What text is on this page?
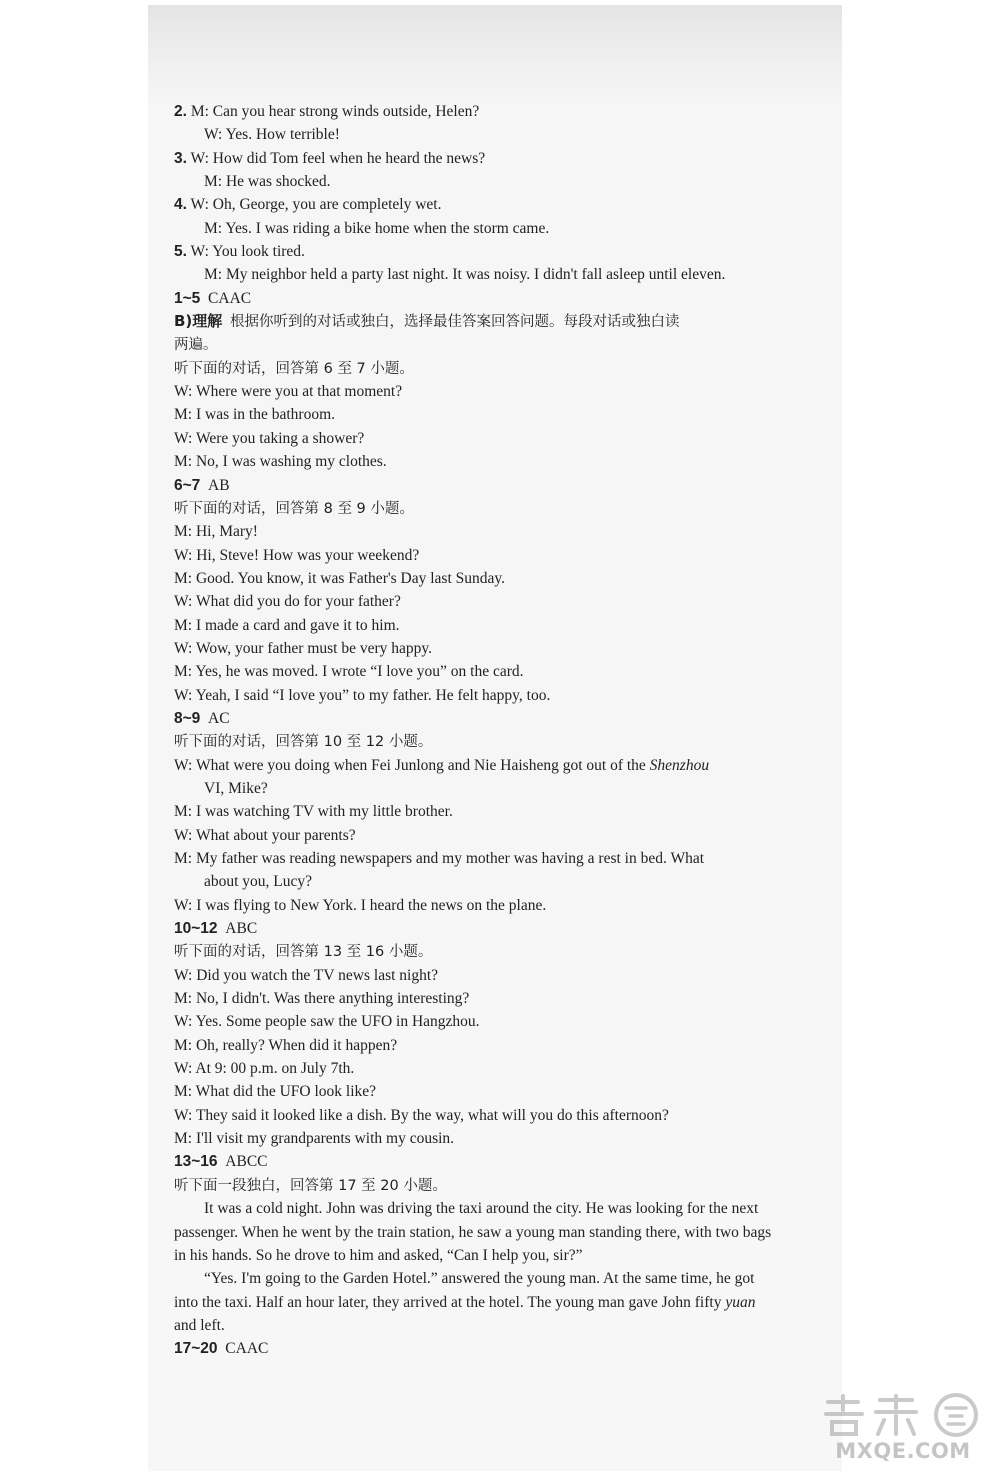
2. M: Can you hear strong winds outside, Helen?
W: Yes. How terrible!
3. W: How did Tom feel when he heard the news?
M: He was shocked.
4. W: Oh, George, you are completely wet.
M: Yes. I was riding a bike home when the storm came.
5. W: You look tired.
M: My neighbor held a party last night. It was noisy. I didn't fall asleep until eleven.
1~5 CAAC
B)理解 根据你听到的对话或独白，选择最佳答案回答问题。每段对话或独白读
两遍。
听下面的对话，回答第 6 至 7 小题。
W: Where were you at that moment?
M: I was in the bathroom.
W: Were you taking a shower?
M: No, I was washing my clothes.
6~7 AB
听下面的对话，回答第 8 至 9 小题。
M: Hi, Mary!
W: Hi, Steve! How was your weekend?
M: Good. You know, it was Father's Day last Sunday.
W: What did you do for your father?
M: I made a card and gave it to him.
W: Wow, your father must be very happy.
M: Yes, he was moved. I wrote “I love you” on the card.
W: Yeah, I said “I love you” to my father. He felt happy, too.
8~9 AC
听下面的对话，回答第 10 至 12 小题。
W: What were you doing when Fei Junlong and Nie Haisheng got out of the Shenzhou
VI, Mike?
M: I was watching TV with my little brother.
W: What about your parents?
M: My father was reading newspapers and my mother was having a rest in bed. What
about you, Lucy?
W: I was flying to New York. I heard the news on the plane.
10~12 ABC
听下面的对话，回答第 13 至 16 小题。
W: Did you watch the TV news last night?
M: No, I didn't. Was there anything interesting?
W: Yes. Some people saw the UFO in Hangzhou.
M: Oh, really? When did it happen?
W: At 9: 00 p.m. on July 7th.
M: What did the UFO look like?
W: They said it looked like a dish. By the way, what will you do this afternoon?
M: I'll visit my grandparents with my cousin.
13~16 ABCC
听下面一段独白，回答第 17 至 20 小题。
It was a cold night. John was driving the taxi around the city. He was looking for the next passenger. When he went by the train station, he saw a young man standing there, with two bags in his hands. So he drove to him and asked, “Can I help you, sir?”
“Yes. I'm going to the Garden Hotel.” answered the young man. At the same time, he got into the taxi. Half an hour later, they arrived at the hotel. The young man gave John fifty yuan and left.
17~20 CAAC
MXQE.COM
